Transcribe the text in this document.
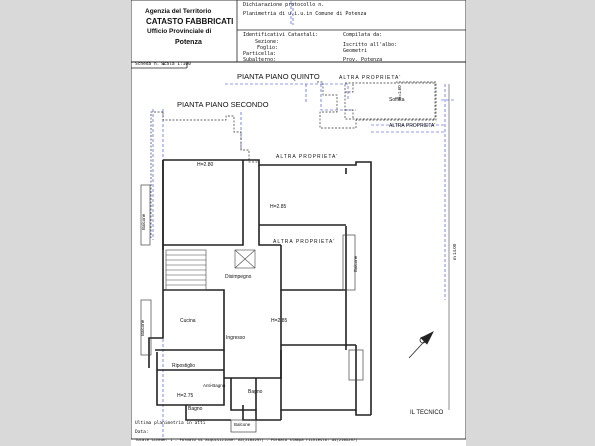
Agenzia del Territorio
CATASTO FABBRICATI
Ufficio Provinciale di
Potenza
Dichiarazione protocollo n.
Planimetria di u.i.u.in Comune di Potenza
Identificativi Catastali:
Sezione:
Foglio:
Particella:
Subalterno:
Compilata da:
Iscritto all'albo:
Geometri
Prov. Potenza
Scheda n. 1
Scala 1:100
PIANTA PIANO QUINTO
PIANTA PIANO SECONDO
ALTRA PROPRIETA'
ALTRA PROPRIETA'
ALTRA PROPRIETA'
ALTRA PROPRIETA'
Soffitta
H=1.60
H=2.80
H=2.85
H=2.85
H=2.75
Balcone
Balcone
Balcone
Balcone
Disimpegno
Cucina
Ingresso
Ripostiglio
Anti-Bagno
Bagno
Bagno
m 14.00
IL TECNICO
Ultima planimetria in atti
Data:
Totale schede: 1 - Formato di acquisizione: A4(210x297) - Formato stampa richiesto: A4(210x297)
